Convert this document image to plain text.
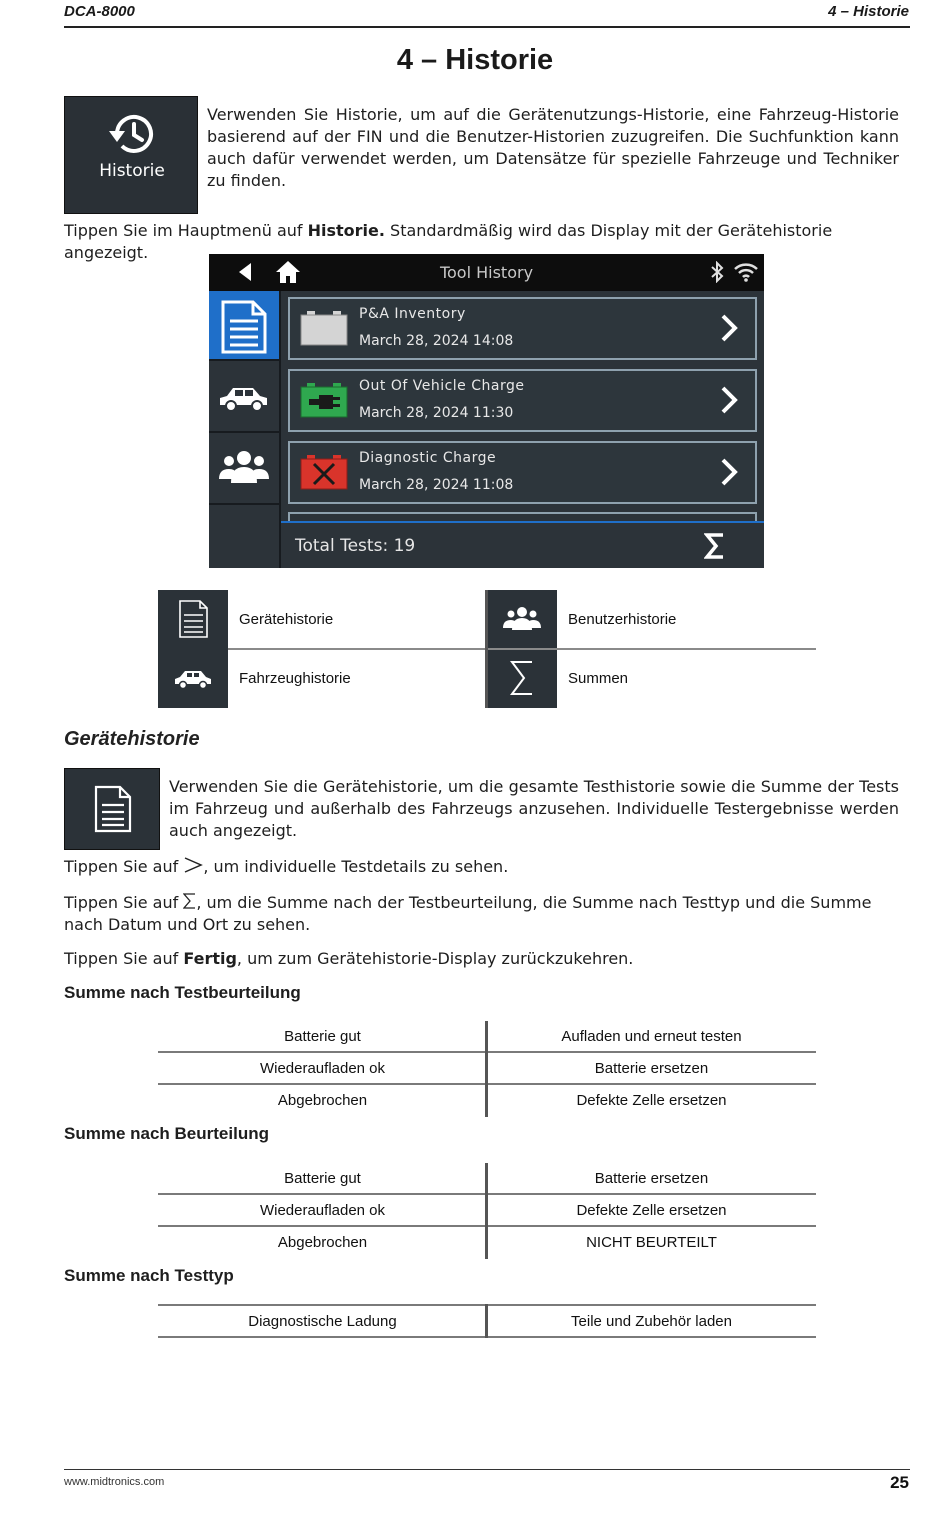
DCA-8000	4 – Historie
4 – Historie
Historie
Verwenden Sie Historie, um auf die Gerätenutzungs-Historie, eine Fahrzeug-Historie basierend auf der FIN und die Benutzer-Historien zuzugreifen. Die Suchfunktion kann auch dafür verwendet werden, um Datensätze für spezielle Fahrzeuge und Techniker zu finden.
Tippen Sie im Hauptmenü auf Historie. Standardmäßig wird das Display mit der Gerätehistorie angezeigt.
Tool History
P&A Inventory
March 28, 2024 14:08
Out Of Vehicle Charge
March 28, 2024 11:30
Diagnostic Charge
March 28, 2024 11:08
Total Tests: 19
Gerätehistorie	Benutzerhistorie
Fahrzeughistorie	Summen
Gerätehistorie
Verwenden Sie die Gerätehistorie, um die gesamte Testhistorie sowie die Summe der Tests im Fahrzeug und außerhalb des Fahrzeugs anzusehen. Individuelle Testergebnisse werden auch angezeigt.
Tippen Sie auf , um individuelle Testdetails zu sehen.
Tippen Sie auf , um die Summe nach der Testbeurteilung, die Summe nach Testtyp und die Summe nach Datum und Ort zu sehen.
Tippen Sie auf Fertig, um zum Gerätehistorie-Display zurückzukehren.
Summe nach Testbeurteilung
Batterie gut	Aufladen und erneut testen
Wiederaufladen ok	Batterie ersetzen
Abgebrochen	Defekte Zelle ersetzen
Summe nach Beurteilung
Batterie gut	Batterie ersetzen
Wiederaufladen ok	Defekte Zelle ersetzen
Abgebrochen	NICHT BEURTEILT
Summe nach Testtyp
Diagnostische Ladung	Teile und Zubehör laden
www.midtronics.com	25
